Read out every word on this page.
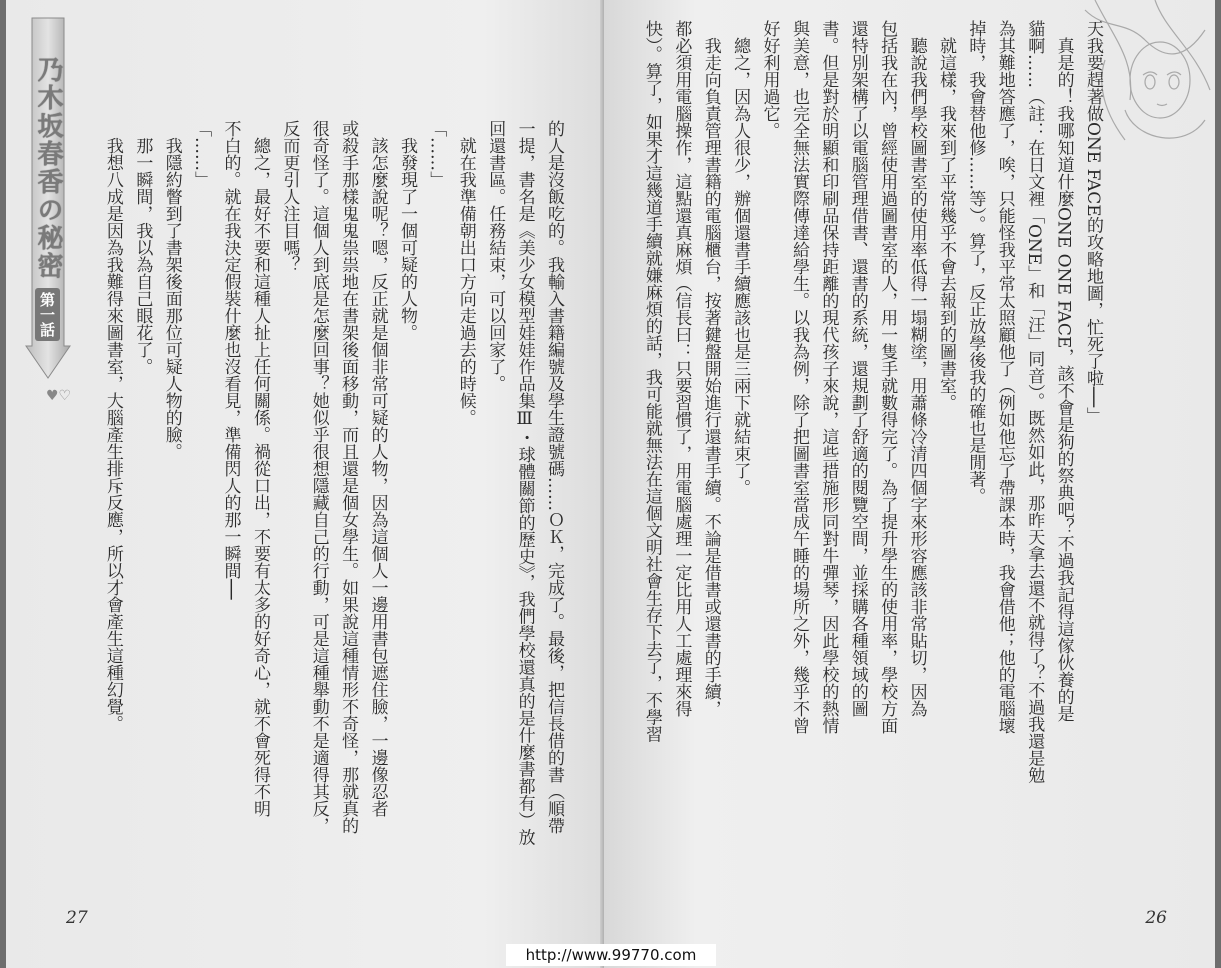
乃木坂春香の秘密
第一話
♥♡	的人是沒飯吃的。我輸入書籍編號及學生證號碼……ＯＫ，完成了。最後，把信長借的書（順帶
一提，書名是《美少女模型娃娃作品集Ⅲ・球體關節的歷史》，我們學校還真的是什麼書都有）放
回還書區。任務結束，可以回家了。
　就在我準備朝出口方向走過去的時候。
「……」
　我發現了一個可疑的人物。
　該怎麼說呢？嗯，反正就是個非常可疑的人物，因為這個人一邊用書包遮住臉，一邊像忍者
或殺手那樣鬼鬼祟祟地在書架後面移動，而且還是個女學生。如果說這種情形不奇怪，那就真的
很奇怪了。這個人到底是怎麼回事？她似乎很想隱藏自己的行動，可是這種舉動不是適得其反，
反而更引人注目嗎？
　總之，最好不要和這種人扯上任何關係。禍從口出，不要有太多的好奇心，就不會死得不明
不白的。就在我決定假裝什麼也沒看見，準備閃人的那一瞬間──
「……」
　我隱約瞥到了書架後面那位可疑人物的臉。
　那一瞬間，我以為自己眼花了。
　我想八成是因為我難得來圖書室，大腦產生排斥反應，所以才會產生這種幻覺。
27
天我要趕著做ONE FACE的攻略地圖，忙死了啦──」
　真是的！我哪知道什麼ONE ONE FACE，該不會是狗的祭典吧？不過我記得這傢伙養的是
貓啊……（註：在日文裡「ONE」和「汪」同音）。既然如此，那昨天拿去還不就得了？不過我還是勉
為其難地答應了，唉，只能怪我平常太照顧他了（例如他忘了帶課本時，我會借他；他的電腦壞
掉時，我會替他修……等）。算了，反正放學後我的確也是閒著。
　就這樣，我來到了平常幾乎不會去報到的圖書室。
　聽說我們學校圖書室的使用率低得一塌糊塗，用蕭條冷清四個字來形容應該非常貼切，因為
包括我在內，曾經使用過圖書室的人，用一隻手就數得完了。為了提升學生的使用率，學校方面
還特別架構了以電腦管理借書、還書的系統，還規劃了舒適的閱覽空間，並採購各種領域的圖
書。但是對於明顯和印刷品保持距離的現代孩子來說，這些措施形同對牛彈琴，因此學校的熱情
與美意，也完全無法實際傳達給學生。以我為例，除了把圖書室當成午睡的場所之外，幾乎不曾
好好利用過它。
　總之，因為人很少，辦個還書手續應該也是三兩下就結束了。
　我走向負責管理書籍的電腦櫃台，按著鍵盤開始進行還書手續。不論是借書或還書的手續，
都必須用電腦操作，這點還真麻煩（信長曰：只要習慣了，用電腦處理一定比用人工處理來得
快）。算了，如果才這幾道手續就嫌麻煩的話，我可能就無法在這個文明社會生存下去了，不學習
26
http://www.99770.com
